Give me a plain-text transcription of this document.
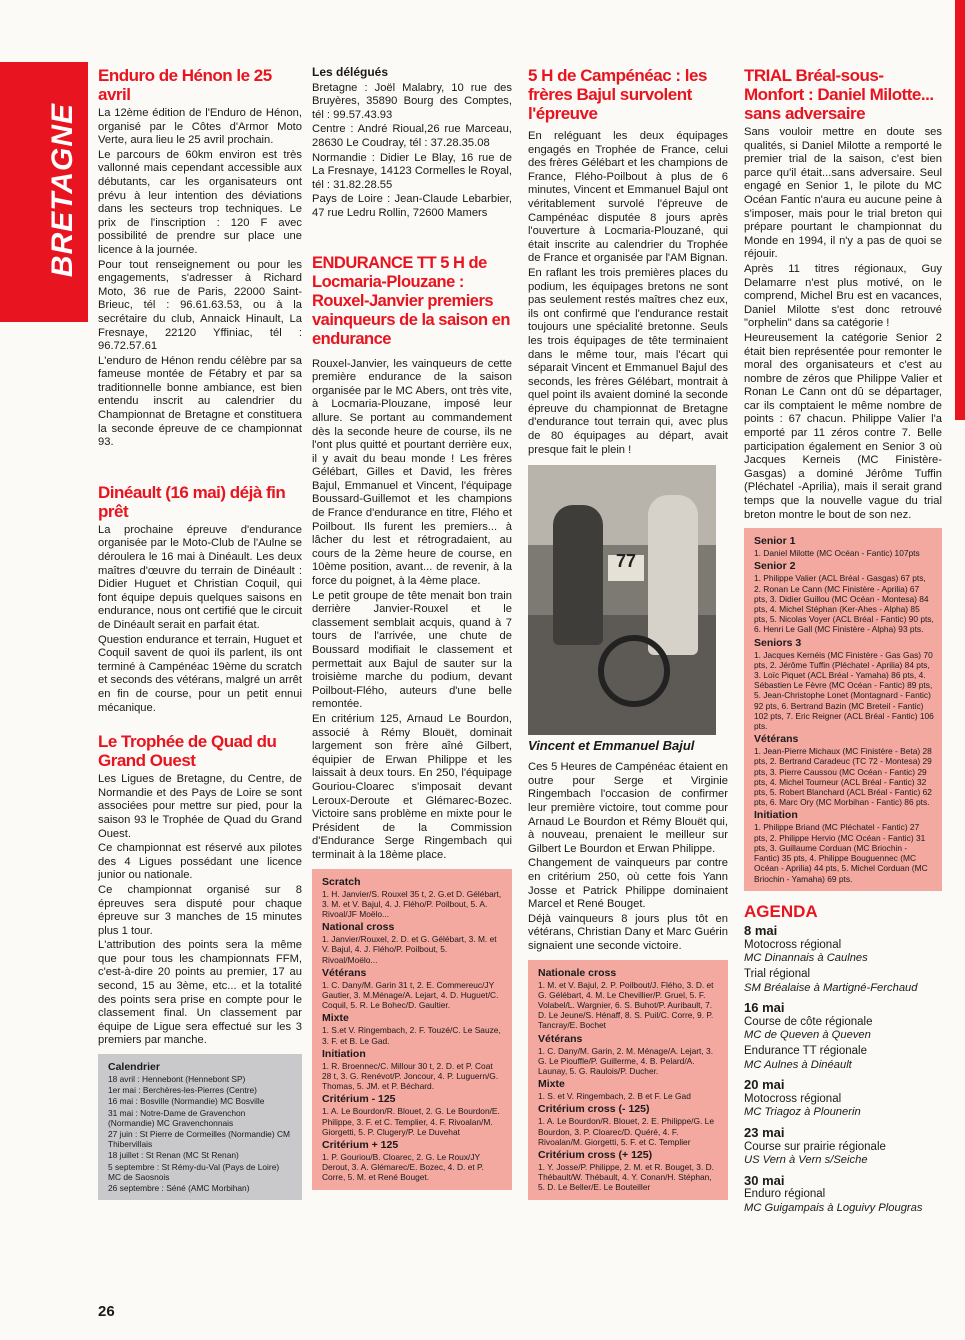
BRETAGNE
Enduro de Hénon le 25 avril

La 12ème édition de l'Enduro de Hénon, organisé par le Côtes d'Armor Moto Verte, aura lieu le 25 avril prochain.

Le parcours de 60km environ est très vallonné mais cependant accessible aux débutants, car les organisateurs ont prévu à leur intention des déviations dans les secteurs trop techniques. Le prix de l'inscription : 120 F avec possibilité de prendre sur place une licence à la journée.

Pour tout renseignement ou pour les engagements, s'adresser à Richard Moto, 36 rue de Paris, 22000 Saint-Brieuc, tél : 96.61.63.53, ou à la secrétaire du club, Annaick Hinault, La Fresnaye, 22120 Yffiniac, tél : 96.72.57.61

L'enduro de Hénon rendu célèbre par sa fameuse montée de Fétabry et par sa traditionnelle bonne ambiance, est bien entendu inscrit au calendrier du Championnat de Bretagne et constituera la seconde épreuve de ce championnat 93.

Dinéault (16 mai) déjà fin prêt

La prochaine épreuve d'endurance organisée par le Moto-Club de l'Aulne se déroulera le 16 mai à Dinéault. Les deux maîtres d'œuvre du terrain de Dinéault : Didier Huguet et Christian Coquil, qui font équipe depuis quelques saisons en endurance, nous ont certifié que le circuit de Dinéault serait en parfait état.

Question endurance et terrain, Huguet et Coquil savent de quoi ils parlent, ils ont terminé à Campénéac 19ème du scratch et seconds des vétérans, malgré un arrêt en fin de course, pour un petit ennui mécanique.

Le Trophée de Quad du Grand Ouest

Les Ligues de Bretagne, du Centre, de Normandie et des Pays de Loire se sont associées pour mettre sur pied, pour la saison 93 le Trophée de Quad du Grand Ouest.

Ce championnat est réservé aux pilotes des 4 Ligues possédant une licence junior ou nationale.

Ce championnat organisé sur 8 épreuves sera disputé pour chaque épreuve sur 3 manches de 15 minutes plus 1 tour.

L'attribution des points sera la même que pour tous les championnats FFM, c'est-à-dire 20 points au premier, 17 au second, 15 au 3ème, etc... et la totalité des points sera prise en compte pour le classement final. Un classement par équipe de Ligue sera effectué sur les 3 premiers par manche.

Calendrier
18 avril : Hennebont (Hennebont SP)
1er mai : Berchères-les-Pierres (Centre)
16 mai : Bosville (Normandie) MC Bosville
31 mai : Notre-Dame de Gravenchon (Normandie) MC Gravenchonnais
27 juin : St Pierre de Cormeilles (Normandie) CM Thibervillais
18 juillet : St Renan (MC St Renan)
5 septembre : St Rémy-du-Val (Pays de Loire) MC de Saosnois
26 septembre : Séné (AMC Morbihan)

Les délégués

Bretagne : Joël Malabry, 10 rue des Bruyères, 35890 Bourg des Comptes, tél : 99.57.43.93

Centre : André Rioual,26 rue Marceau, 28630 Le Coudray, tél : 37.28.35.08

Normandie : Didier Le Blay, 16 rue de La Fresnaye, 14123 Cormelles le Royal, tél : 31.82.28.55

Pays de Loire : Jean-Claude Lebarbier, 47 rue Ledru Rollin, 72600 Mamers

ENDURANCE TT 5 H de Locmaria-Plouzane : Rouxel-Janvier premiers vainqueurs de la saison en endurance

Rouxel-Janvier, les vainqueurs de cette première endurance de la saison organisée par le MC Abers, ont très vite, à Locmaria-Plouzane, imposé leur allure. Se portant au commandement dès la seconde heure de course, ils ne l'ont plus quitté et pourtant derrière eux, il y avait du beau monde ! Les frères Gélébart, Gilles et David, les frères Bajul, Emmanuel et Vincent, l'équipage Boussard-Guillemot et les champions de France d'endurance en titre, Flého et Poilbout. Ils furent les premiers... à lâcher du lest et rétrogradaient, au cours de la 2ème heure de course, en 10ème position, avant... de revenir, à la force du poignet, à la 4ème place.

Le petit groupe de tête menait bon train derrière Janvier-Rouxel et le classement semblait acquis, quand à 7 tours de l'arrivée, une chute de Boussard modifiait le classement et permettait aux Bajul de sauter sur la troisième marche du podium, devant Poilbout-Flého, auteurs d'une belle remontée.

En critérium 125, Arnaud Le Bourdon, associé à Rémy Blouët, dominait largement son frère aîné Gilbert, équipier de Erwan Philippe et les laissait à deux tours. En 250, l'équipage Gouriou-Cloarec s'imposait devant Leroux-Deroute et Glémarec-Bozec. Victoire sans problème en mixte pour le Président de la Commission d'Endurance Serge Ringembach qui terminait à la 18ème place.

Scratch
1. H. Janvier/S. Rouxel 35 t, 2. G.et D. Gélébart, 3. M. et V. Bajul, 4. J. Flého/P. Poilbout, 5. A. Rivoal/JF Moëlo...
National cross
1. Janvier/Rouxel, 2. D. et G. Gélébart, 3. M. et V. Bajul, 4. J. Flého/P. Poilbout, 5. Rivoal/Moëlo...
Vétérans
1. C. Dany/M. Garin 31 t, 2. E. Commereuc/JY Gautier, 3. M.Ménage/A. Lejart, 4. D. Huguet/C. Coquil, 5. R. Le Bohec/D. Gaultier.
Mixte
1. S.et V. Ringembach, 2. F. Touzé/C. Le Sauze, 3. F. et B. Le Gad.
Initiation
1. R. Broennec/C. Millour 30 t, 2. D. et P. Coat 28 t, 3. G. Renévot/P. Joncour, 4. P. Luguern/G. Thomas, 5. JM. et P. Béchard.
Critérium - 125
1. A. Le Bourdon/R. Blouet, 2. G. Le Bourdon/E. Philippe, 3. F. et C. Templier, 4. F. Rivoalan/M. Giorgetti, 5. P. Clugery/P. Le Duvehat
Critérium + 125
1. P. Gouriou/B. Cloarec, 2. G. Le Roux/JY Derout, 3. A. Glémarec/E. Bozec, 4. D. et P. Corre, 5. M. et René Bouget.
5 H de Campénéac : les frères Bajul survolent l'épreuve

En reléguant les deux équipages engagés en Trophée de France, celui des frères Gélébart et les champions de France, Flého-Poilbout à plus de 6 minutes, Vincent et Emmanuel Bajul ont véritablement survolé l'épreuve de Campénéac disputée 8 jours après l'ouverture à Locmaria-Plouzané, qui était inscrite au calendrier du Trophée de France et organisée par l'AM Bignan.

En raflant les trois premières places du podium, les équipages bretons ne sont pas seulement restés maîtres chez eux, ils ont confirmé que l'endurance restait toujours une spécialité bretonne. Seuls les trois équipages de tête terminaient dans le même tour, mais l'écart qui séparait Vincent et Emmanuel Bajul des seconds, les frères Gélébart, montrait à quel point ils avaient dominé la seconde épreuve du championnat de Bretagne d'endurance tout terrain qui, avec plus de 80 équipages au départ, avait presque fait le plein !

77
Vincent et Emmanuel Bajul

Ces 5 Heures de Campénéac étaient en outre pour Serge et Virginie Ringembach l'occasion de confirmer leur première victoire, tout comme pour Arnaud Le Bourdon et Rémy Blouët qui, à nouveau, prenaient le meilleur sur Gilbert Le Bourdon et Erwan Philippe.

Changement de vainqueurs par contre en critérium 250, où cette fois Yann Josse et Patrick Philippe dominaient Marcel et René Bouget.

Déjà vainqueurs 8 jours plus tôt en vétérans, Christian Dany et Marc Guérin signaient une seconde victoire.

Nationale cross
1. M. et V. Bajul, 2. P. Poilbout/J. Flého, 3. D. et G. Gélébart, 4. M. Le Chevillier/P. Gruel, 5. F. Volabel/L. Wargnier, 6. S. Buhot/P. Auribault, 7. D. Le Jeune/S. Hénaff, 8. S. Puil/C. Corre, 9. P. Tancray/E. Bochet
Vétérans
1. C. Dany/M. Garin, 2. M. Ménage/A. Lejart, 3. G. Le Piouffle/P. Guillerme, 4. B. Pelard/A. Launay, 5. G. Raulois/P. Ducher.
Mixte
1. S. et V. Ringembach, 2. B et F. Le Gad
Critérium cross (- 125)
1. A. Le Bourdon/R. Blouet, 2. E. Philippe/G. Le Bourdon, 3. P. Cloarec/D. Quéré, 4. F. Rivoalan/M. Giorgetti, 5. F. et C. Templier
Critérium cross (+ 125)
1. Y. Josse/P. Philippe, 2. M. et R. Bouget, 3. D. Thébault/W. Thébault, 4. Y. Conan/H. Stéphan, 5. D. Le Beller/E. Le Bouteiller
TRIAL Bréal-sous-Monfort : Daniel Milotte... sans adversaire

Sans vouloir mettre en doute ses qualités, si Daniel Milotte a remporté le premier trial de la saison, c'est bien parce qu'il était...sans adversaire. Seul engagé en Senior 1, le pilote du MC Océan Fantic n'aura eu aucune peine à s'imposer, mais pour le trial breton qui prépare pourtant le championnat du Monde en 1994, il n'y a pas de quoi se réjouir.

Après 11 titres régionaux, Guy Delamarre n'est plus motivé, on le comprend, Michel Bru est en vacances, Daniel Milotte s'est donc retrouvé "orphelin" dans sa catégorie !

Heureusement la catégorie Senior 2 était bien représentée pour remonter le moral des organisateurs et c'est au nombre de zéros que Philippe Valier et Ronan Le Cann ont dû se départager, car ils comptaient le même nombre de points : 67 chacun. Philippe Valier l'a emporté par 11 zéros contre 7. Belle participation également en Senior 3 où Jacques Kerneis (MC Finistère-Gasgas) a dominé Jérôme Tuffin (Pléchatel -Aprilia), mais il serait grand temps que la nouvelle vague du trial breton montre le bout de son nez.

Senior 1
1. Daniel Milotte (MC Océan - Fantic) 107pts
Senior 2
1. Philippe Valier (ACL Bréal - Gasgas) 67 pts, 2. Ronan Le Cann (MC Finistère - Aprilia) 67 pts, 3. Didier Guillou (MC Océan - Montesa) 84 pts, 4. Michel Stéphan (Ker-Ahes - Alpha) 85 pts, 5. Nicolas Voyer (ACL Bréal - Fantic) 90 pts, 6. Henri Le Gall (MC Finistère - Alpha) 93 pts.
Seniors 3
1. Jacques Kernéis (MC Finistère - Gas Gas) 70 pts, 2. Jérôme Tuffin (Pléchatel - Aprilia) 84 pts, 3. Loïc Piquet (ACL Bréal - Yamaha) 86 pts, 4. Sébastien Le Fèvre (MC Océan - Fantic) 89 pts, 5. Jean-Christophe Lonet (Montagnard - Fantic) 92 pts, 6. Bertrand Bazin (MC Breteil - Fantic) 102 pts, 7. Eric Reigner (ACL Bréal - Fantic) 106 pts.
Vétérans
1. Jean-Pierre Michaux (MC Finistère - Beta) 28 pts, 2. Bertrand Caradeuc (TC 72 - Montesa) 29 pts, 3. Pierre Caussou (MC Océan - Fantic) 29 pts, 4. Michel Tourneur (ACL Bréal - Fantic) 32 pts, 5. Robert Blanchard (ACL Bréal - Fantic) 62 pts, 6. Marc Ory (MC Morbihan - Fantic) 86 pts.
Initiation
1. Philippe Briand (MC Pléchatel - Fantic) 27 pts, 2. Philippe Hervio (MC Océan - Fantic) 31 pts, 3. Guillaume Corduan (MC Briochin - Fantic) 35 pts, 4. Philippe Bouguennec (MC Océan - Aprilia) 44 pts, 5. Michel Corduan (MC Briochin - Yamaha) 69 pts.
AGENDA
8 mai
Motocross régional
MC Dinannais à Caulnes
Trial régional
SM Bréalaise à Martigné-Ferchaud
16 mai
Course de côte régionale
MC de Queven à Queven
Endurance TT régionale
MC Aulnes à Dinéault
20 mai
Motocross régional
MC Triagoz à Plounerin
23 mai
Course sur prairie régionale
US Vern à Vern s/Seiche
30 mai
Enduro régional
MC Guigampais à Loguivy Plougras
26
